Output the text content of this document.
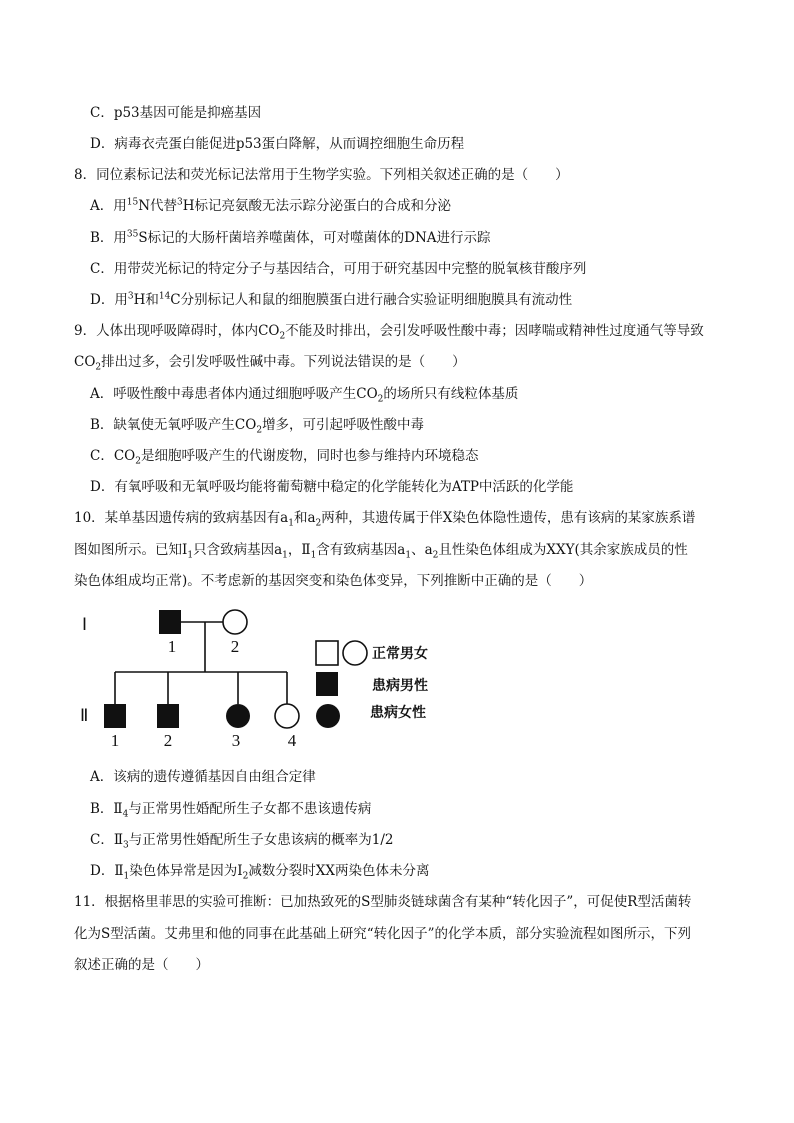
C．p53基因可能是抑癌基因
D．病毒衣壳蛋白能促进p53蛋白降解，从而调控细胞生命历程
8．同位素标记法和荧光标记法常用于生物学实验。下列相关叙述正确的是（　　）
A．用$^{15}$N代替$^3$H标记亮氨酸无法示踪分泌蛋白的合成和分泌
B．用$^{35}$S标记的大肠杆菌培养噬菌体，可对噬菌体的DNA进行示踪
C．用带荧光标记的特定分子与基因结合，可用于研究基因中完整的脱氧核苷酸序列
D．用$^3$H和$^{14}$C分别标记人和鼠的细胞膜蛋白进行融合实验证明细胞膜具有流动性
9．人体出现呼吸障碍时，体内$CO_2$不能及时排出，会引发呼吸性酸中毒；因哮喘或精神性过度通气等导致
$CO_2$排出过多，会引发呼吸性碱中毒。下列说法错误的是（　　）
A．呼吸性酸中毒患者体内通过细胞呼吸产生$CO_2$的场所只有线粒体基质
B．缺氧使无氧呼吸产生$CO_2$增多，可引起呼吸性酸中毒
C．$CO_2$是细胞呼吸产生的代谢废物，同时也参与维持内环境稳态
D．有氧呼吸和无氧呼吸均能将葡萄糖中稳定的化学能转化为ATP中活跃的化学能
10．某单基因遗传病的致病基因有$a_1$和$a_2$两种，其遗传属于伴X染色体隐性遗传，患有该病的某家族系谱
图如图所示。已知$Ⅰ_1$只含致病基因$a_1$，$Ⅱ_1$含有致病基因$a_1$、$a_2$且性染色体组成为XXY(其余家族成员的性
染色体组成均正常)。不考虑新的基因突变和染色体变异，下列推断中正确的是（　　）
Ⅰ
Ⅱ
1	2
1	2	3	4
正常男女
患病男性
患病女性
A．该病的遗传遵循基因自由组合定律
B．$Ⅱ_4$与正常男性婚配所生子女都不患该遗传病
C．$Ⅱ_3$与正常男性婚配所生子女患该病的概率为1/2
D．$Ⅱ_1$染色体异常是因为$Ⅰ_2$减数分裂时XX两染色体未分离
11．根据格里菲思的实验可推断：已加热致死的S型肺炎链球菌含有某种“转化因子”，可促使R型活菌转
化为S型活菌。艾弗里和他的同事在此基础上研究“转化因子”的化学本质，部分实验流程如图所示，下列
叙述正确的是（　　）
